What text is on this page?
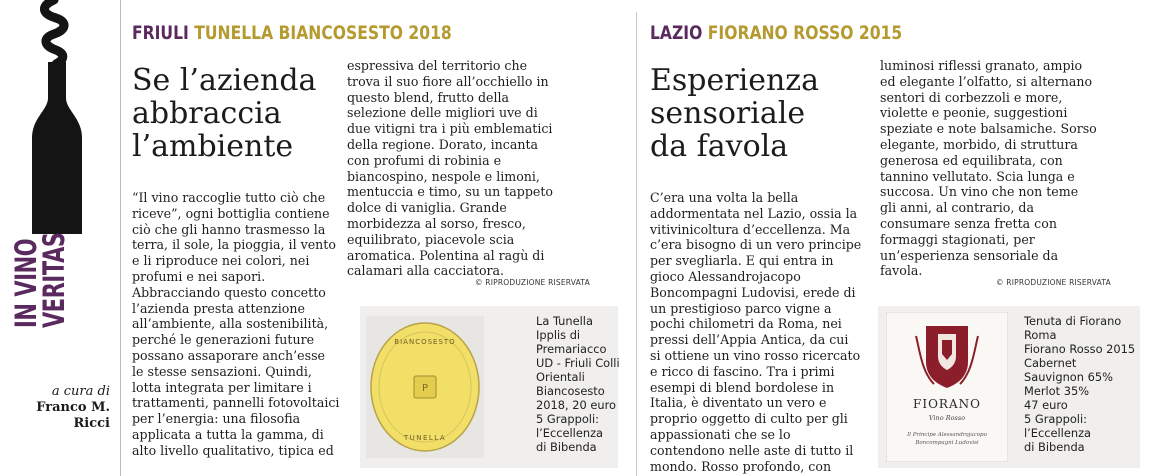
IN VINO
VERITAS
a cura di
Franco M.
Ricci
FRIULI TUNELLA BIANCOSESTO 2018
Se l’azienda
abbraccia
l’ambiente

“Il vino raccoglie tutto ciò che riceve”, ogni bottiglia contiene ciò che gli hanno trasmesso la terra, il sole, la pioggia, il vento e li riproduce nei colori, nei profumi e nei sapori. Abbracciando questo concetto l’azienda presta attenzione all’ambiente, alla sostenibilità, perché le generazioni future possano assaporare anch’esse le stesse sensazioni. Quindi, lotta integrata per limitare i trattamenti, pannelli fotovoltaici per l’energia: una filosofia applicata a tutta la gamma, di alto livello qualitativo, tipica ed

espressiva del territorio che trova il suo fiore all’occhiello in questo blend, frutto della selezione delle migliori uve di due vitigni tra i più emblematici della regione. Dorato, incanta con profumi di robinia e biancospino, nespole e limoni, mentuccia e timo, su un tappeto dolce di vaniglia. Grande morbidezza al sorso, fresco, equilibrato, piacevole scia aromatica. Polentina al ragù di calamari alla cacciatora.

© RIPRODUZIONE RISERVATA
P
BIANCOSESTO
TUNELLA
La Tunella
Ipplis di
Premariacco
UD - Friuli Colli
Orientali
Biancosesto
2018, 20 euro
5 Grappoli:
l’Eccellenza
di Bibenda
LAZIO FIORANO ROSSO 2015
Esperienza
sensoriale
da favola

C’era una volta la bella addormentata nel Lazio, ossia la vitivinicoltura d’eccellenza. Ma c’era bisogno di un vero principe per svegliarla. E qui entra in gioco Alessandrojacopo Boncompagni Ludovisi, erede di un prestigioso parco vigne a pochi chilometri da Roma, nei pressi dell’Appia Antica, da cui si ottiene un vino rosso ricercato e ricco di fascino. Tra i primi esempi di blend bordolese in Italia, è diventato un vero e proprio oggetto di culto per gli appassionati che se lo contendono nelle aste di tutto il mondo. Rosso profondo, con

luminosi riflessi granato, ampio ed elegante l’olfatto, si alternano sentori di corbezzoli e more, violette e peonie, suggestioni speziate e note balsamiche. Sorso elegante, morbido, di struttura generosa ed equilibrata, con tannino vellutato. Scia lunga e succosa. Un vino che non teme gli anni, al contrario, da consumare senza fretta con formaggi stagionati, per un’esperienza sensoriale da favola.

© RIPRODUZIONE RISERVATA
FIORANO
Vino Rosso
Il Principe Alessandrojacopo
Boncompagni Ludovisi
Tenuta di Fiorano
Roma
Fiorano Rosso 2015
Cabernet
Sauvignon 65%
Merlot 35%
47 euro
5 Grappoli:
l’Eccellenza
di Bibenda
